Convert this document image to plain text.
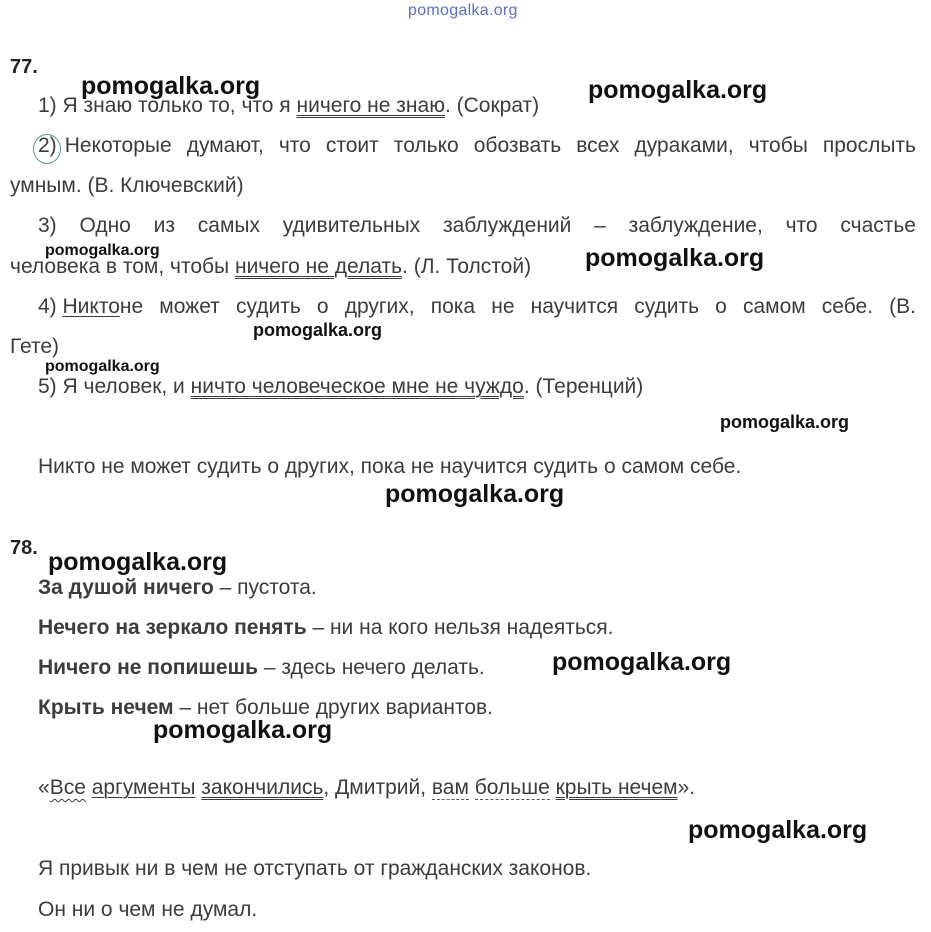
pomogalka.org
77.
1) Я знаю только то, что я ничего не знаю. (Сократ)
2) Некоторые думают, что стоит только обозвать всех дураками, чтобы прослыть
умным. (В. Ключевский)
3) Одно из самых удивительных заблуждений – заблуждение, что счастье
человека в том, чтобы ничего не делать. (Л. Толстой)
4) Никто не может судить о других, пока не научится судить о самом себе. (В.
Гете)
5) Я человек, и ничто человеческое мне не чуждо. (Теренций)
Никто не может судить о других, пока не научится судить о самом себе.
78.
За душой ничего – пустота.
Нечего на зеркало пенять – ни на кого нельзя надеяться.
Ничего не попишешь – здесь нечего делать.
Крыть нечем – нет больше других вариантов.
«Все аргументы закончились, Дмитрий, вам больше крыть нечем».
Я привык ни в чем не отступать от гражданских законов.
Он ни о чем не думал.
pomogalka.org	pomogalka.org
pomogalka.org	pomogalka.org
pomogalka.org
pomogalka.org
pomogalka.org
pomogalka.org
pomogalka.org
pomogalka.org
pomogalka.org
pomogalka.org
